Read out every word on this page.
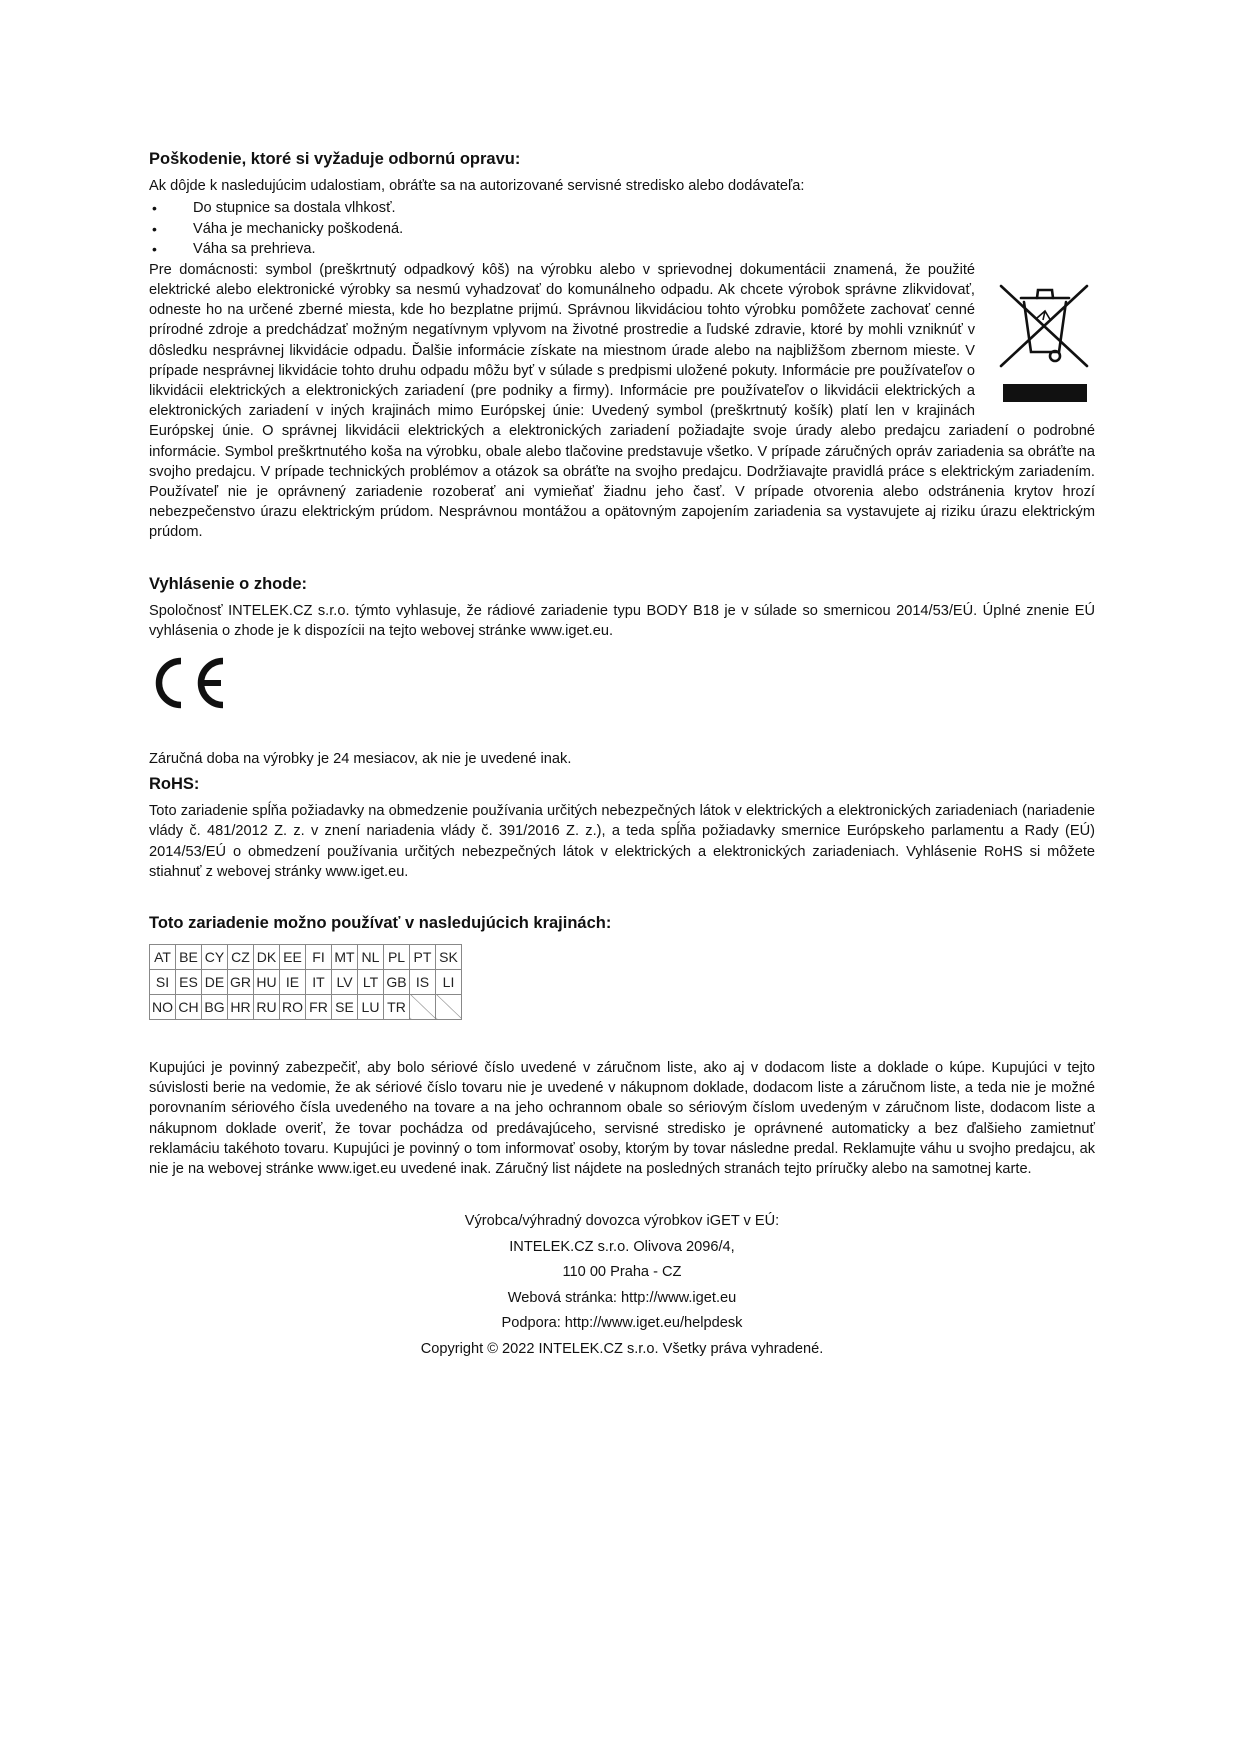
Poškodenie, ktoré si vyžaduje odbornú opravu:

Ak dôjde k nasledujúcim udalostiam, obráťte sa na autorizované servisné stredisko alebo dodávateľa:

• Do stupnice sa dostala vlhkosť.
• Váha je mechanicky poškodená.
• Váha sa prehrieva.

Pre domácnosti: symbol (preškrtnutý odpadkový kôš) na výrobku alebo v sprievodnej dokumentácii znamená, že použité elektrické alebo elektronické výrobky sa nesmú vyhadzovať do komunálneho odpadu. Ak chcete výrobok správne zlikvidovať, odneste ho na určené zberné miesta, kde ho bezplatne prijmú. Správnou likvidáciou tohto výrobku pomôžete zachovať cenné prírodné zdroje a predchádzať možným negatívnym vplyvom na životné prostredie a ľudské zdravie, ktoré by mohli vzniknúť v dôsledku nesprávnej likvidácie odpadu. Ďalšie informácie získate na miestnom úrade alebo na najbližšom zbernom mieste. V prípade nesprávnej likvidácie tohto druhu odpadu môžu byť v súlade s predpismi uložené pokuty. Informácie pre používateľov o likvidácii elektrických a elektronických zariadení (pre podniky a firmy). Informácie pre používateľov o likvidácii elektrických a elektronických zariadení v iných krajinách mimo Európskej únie: Uvedený symbol (preškrtnutý košík) platí len v krajinách Európskej únie. O správnej likvidácii elektrických a elektronických zariadení požiadajte svoje úrady alebo predajcu zariadení o podrobné informácie. Symbol preškrtnutého koša na výrobku, obale alebo tlačovine predstavuje všetko. V prípade záručných opráv zariadenia sa obráťte na svojho predajcu. V prípade technických problémov a otázok sa obráťte na svojho predajcu. Dodržiavajte pravidlá práce s elektrickým zariadením. Používateľ nie je oprávnený zariadenie rozoberať ani vymieňať žiadnu jeho časť. V prípade otvorenia alebo odstránenia krytov hrozí nebezpečenstvo úrazu elektrickým prúdom. Nesprávnou montážou a opätovným zapojením zariadenia sa vystavujete aj riziku úrazu elektrickým prúdom.

Vyhlásenie o zhode:

Spoločnosť INTELEK.CZ s.r.o. týmto vyhlasuje, že rádiové zariadenie typu BODY B18 je v súlade so smernicou 2014/53/EÚ. Úplné znenie EÚ vyhlásenia o zhode je k dispozícii na tejto webovej stránke www.iget.eu.

Záručná doba na výrobky je 24 mesiacov, ak nie je uvedené inak.

RoHS:

Toto zariadenie spĺňa požiadavky na obmedzenie používania určitých nebezpečných látok v elektrických a elektronických zariadeniach (nariadenie vlády č. 481/2012 Z. z. v znení nariadenia vlády č. 391/2016 Z. z.), a teda spĺňa požiadavky smernice Európskeho parlamentu a Rady (EÚ) 2014/53/EÚ o obmedzení používania určitých nebezpečných látok v elektrických a elektronických zariadeniach. Vyhlásenie RoHS si môžete stiahnuť z webovej stránky www.iget.eu.

Toto zariadenie možno používať v nasledujúcich krajinách:
AT	BE	CY	CZ	DK	EE	FI	MT	NL	PL	PT	SK
SI	ES	DE	GR	HU	IE	IT	LV	LT	GB	IS	LI
NO	CH	BG	HR	RU	RO	FR	SE	LU	TR		

Kupujúci je povinný zabezpečiť, aby bolo sériové číslo uvedené v záručnom liste, ako aj v dodacom liste a doklade o kúpe. Kupujúci v tejto súvislosti berie na vedomie, že ak sériové číslo tovaru nie je uvedené v nákupnom doklade, dodacom liste a záručnom liste, a teda nie je možné porovnaním sériového čísla uvedeného na tovare a na jeho ochrannom obale so sériovým číslom uvedeným v záručnom liste, dodacom liste a nákupnom doklade overiť, že tovar pochádza od predávajúceho, servisné stredisko je oprávnené automaticky a bez ďalšieho zamietnuť reklamáciu takéhoto tovaru. Kupujúci je povinný o tom informovať osoby, ktorým by tovar následne predal. Reklamujte váhu u svojho predajcu, ak nie je na webovej stránke www.iget.eu uvedené inak. Záručný list nájdete na posledných stranách tejto príručky alebo na samotnej karte.

Výrobca/výhradný dovozca výrobkov iGET v EÚ:
INTELEK.CZ s.r.o. Olivova 2096/4,
110 00 Praha - CZ
Webová stránka: http://www.iget.eu
Podpora: http://www.iget.eu/helpdesk
Copyright © 2022 INTELEK.CZ s.r.o. Všetky práva vyhradené.
